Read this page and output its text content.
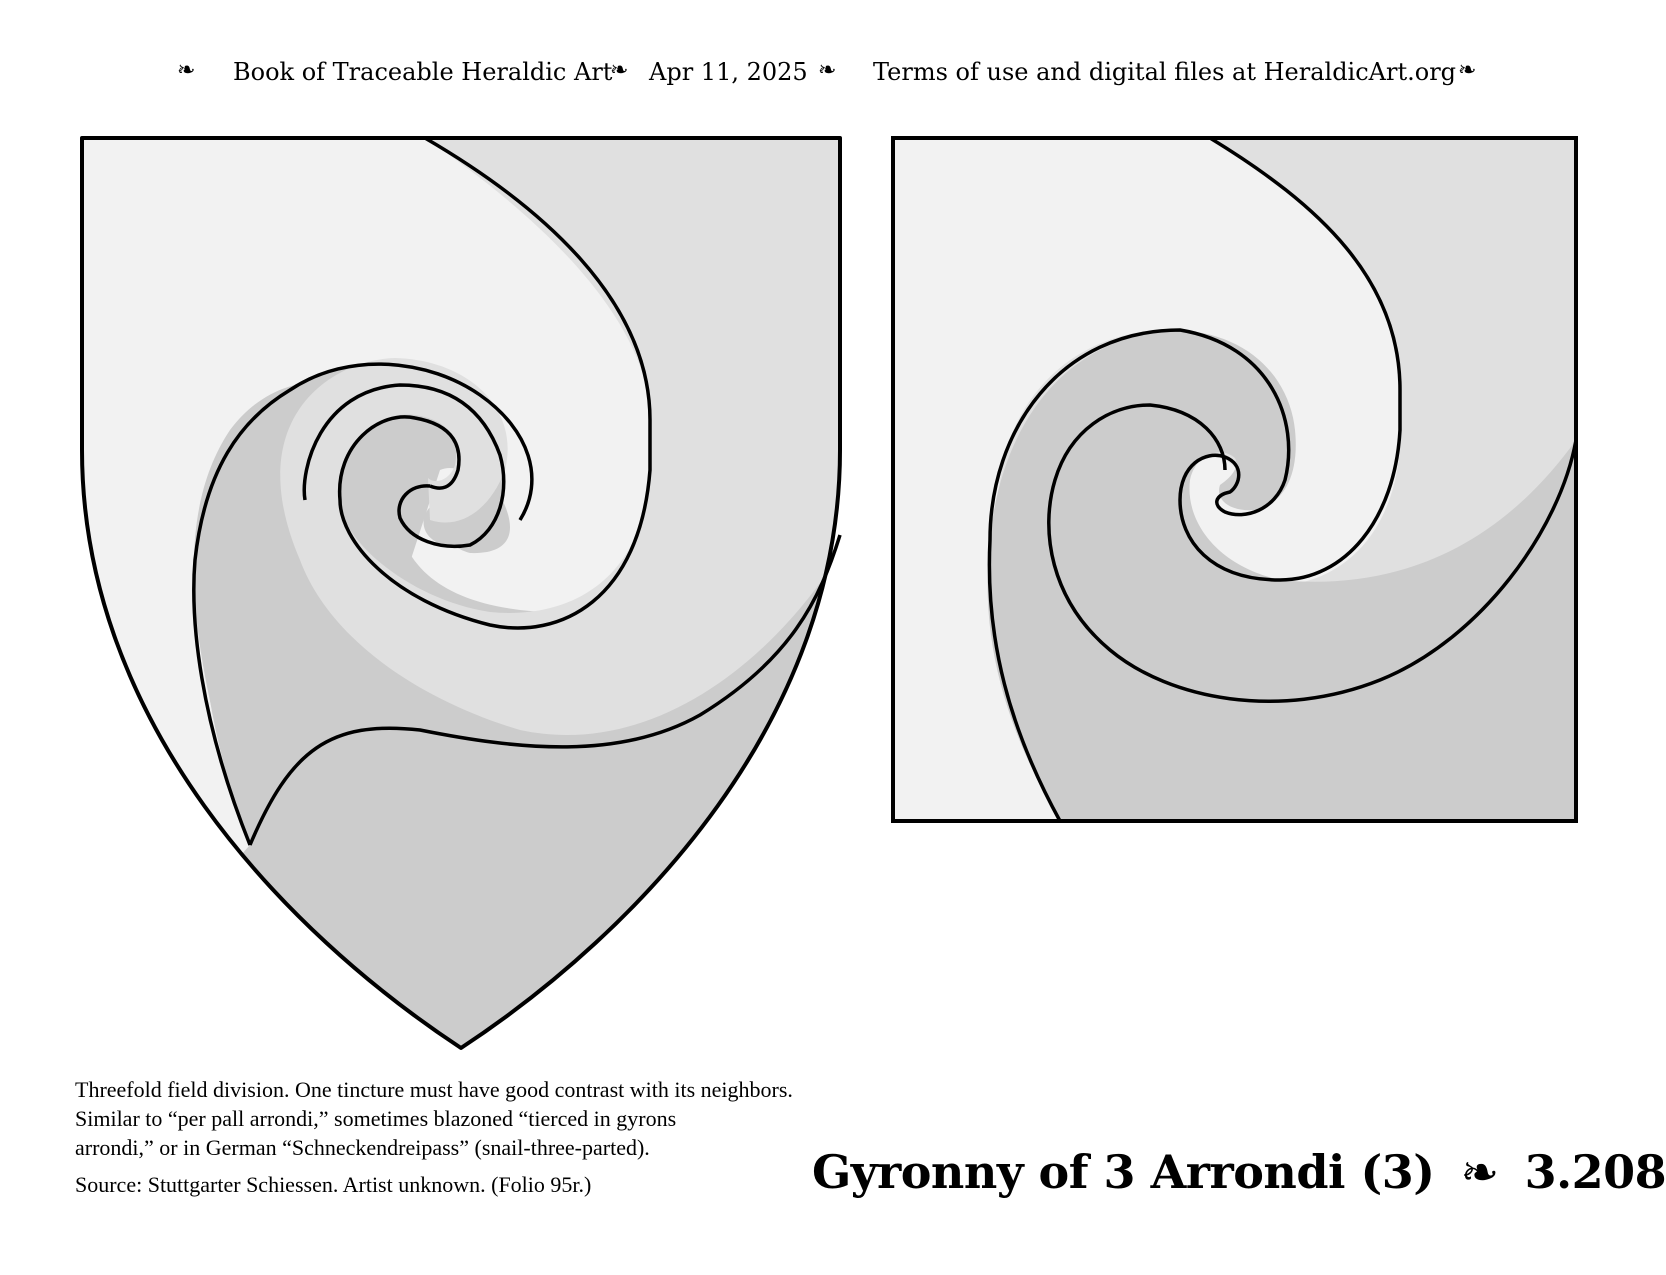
❧ Book of Traceable Heraldic Art
❧ Apr 11, 2025 ❧ Terms of use and digital files at HeraldicArt.org ❧

Threefold field division. One tincture must have good contrast with its neighbors.

Similar to “per pall arrondi,” sometimes blazoned “tierced in gyrons

arrondi,” or in German “Schneckendreipass” (snail-three-parted).

Source: Stuttgarter Schiessen. Artist unknown. (Folio 95r.)	Gyronny of 3 Arrondi (3) ❧ 3.208
